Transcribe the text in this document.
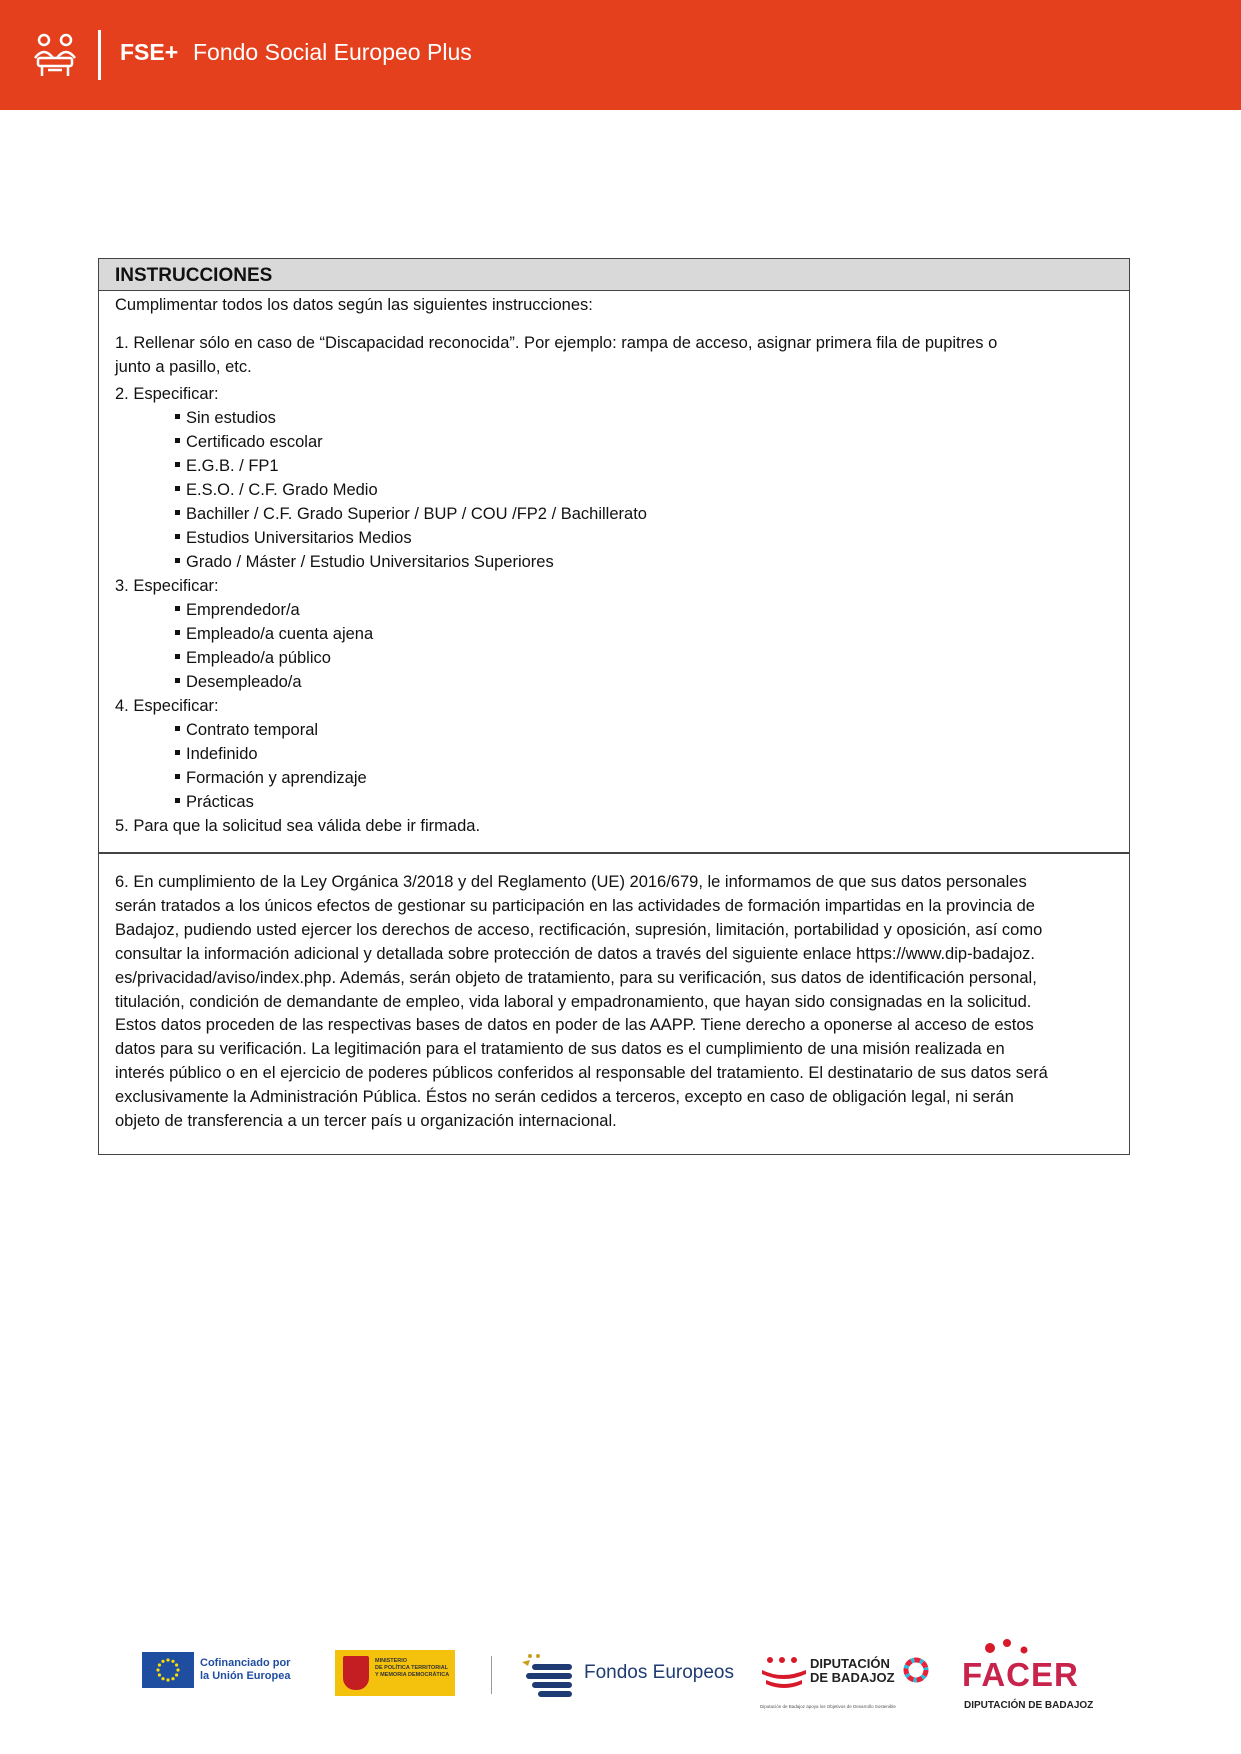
FSE+ Fondo Social Europeo Plus
INSTRUCCIONES
Cumplimentar todos los datos según las siguientes instrucciones:
1. Rellenar sólo en caso de “Discapacidad reconocida”. Por ejemplo: rampa de acceso, asignar primera fila de pupitres o
junto a pasillo, etc.
2. Especificar:
Sin estudios
Certificado escolar
E.G.B. / FP1
E.S.O. / C.F. Grado Medio
Bachiller / C.F. Grado Superior / BUP / COU /FP2 / Bachillerato
Estudios Universitarios Medios
Grado / Máster / Estudio Universitarios Superiores
3. Especificar:
Emprendedor/a
Empleado/a cuenta ajena
Empleado/a público
Desempleado/a
4. Especificar:
Contrato temporal
Indefinido
Formación y aprendizaje
Prácticas
5. Para que la solicitud sea válida debe ir firmada.
6. En cumplimiento de la Ley Orgánica 3/2018 y del Reglamento (UE) 2016/679, le informamos de que sus datos personales
serán tratados a los únicos efectos de gestionar su participación en las actividades de formación impartidas en la provincia de
Badajoz, pudiendo usted ejercer los derechos de acceso, rectificación, supresión, limitación, portabilidad y oposición, así como
consultar la información adicional y detallada sobre protección de datos a través del siguiente enlace https://www.dip-badajoz.
es/privacidad/aviso/index.php. Además, serán objeto de tratamiento, para su verificación, sus datos de identificación personal,
titulación, condición de demandante de empleo, vida laboral y empadronamiento, que hayan sido consignadas en la solicitud.
Estos datos proceden de las respectivas bases de datos en poder de las AAPP. Tiene derecho a oponerse al acceso de estos
datos para su verificación. La legitimación para el tratamiento de sus datos es el cumplimiento de una misión realizada en
interés público o en el ejercicio de poderes públicos conferidos al responsable del tratamiento. El destinatario de sus datos será
exclusivamente la Administración Pública. Éstos no serán cedidos a terceros, excepto en caso de obligación legal, ni serán
objeto de transferencia a un tercer país u organización internacional.
Cofinanciado por
la Unión Europea
MINISTERIO
DE POLÍTICA TERRITORIAL
Y MEMORIA DEMOCRÁTICA	Fondos Europeos	DIPUTACIÓN
DE BADAJOZ
Diputación de Badajoz apoya los Objetivos de Desarrollo Sostenible
FACER
DIPUTACIÓN DE BADAJOZ
